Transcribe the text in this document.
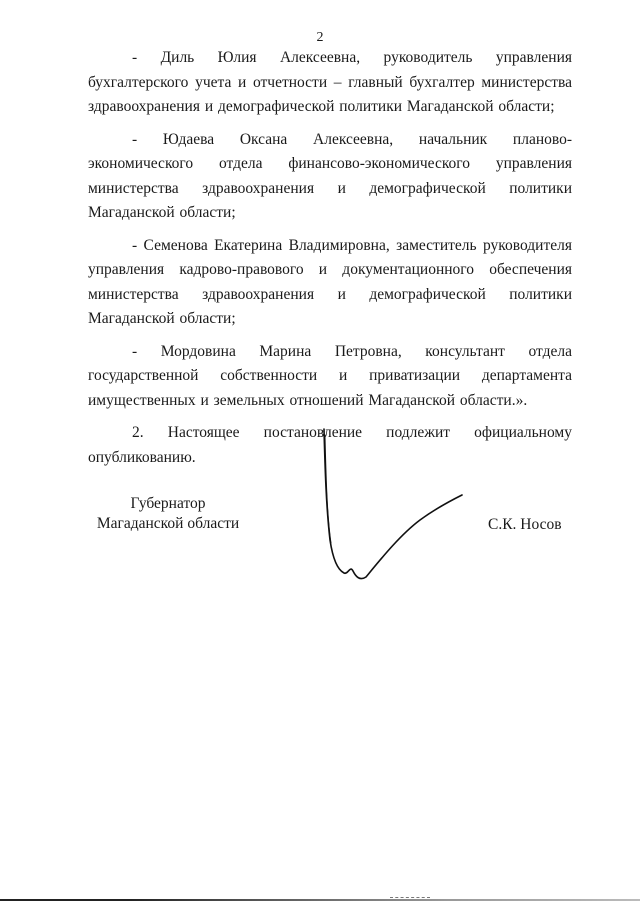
2

- Диль Юлия Алексеевна, руководитель управления бухгалтерского учета и отчетности – главный бухгалтер министерства здравоохранения и демографической политики Магаданской области;

- Юдаева Оксана Алексеевна, начальник планово-экономического отдела финансово-экономического управления министерства здравоохранения и демографической политики Магаданской области;

- Семенова Екатерина Владимировна, заместитель руководителя управления кадрово-правового и документационного обеспечения министерства здравоохранения и демографической политики Магаданской области;

- Мордовина Марина Петровна, консультант отдела государственной собственности и приватизации департамента имущественных и земельных отношений Магаданской области.».

2. Настоящее постановление подлежит официальному опубликованию.

Губернатор
Магаданской области	С.К. Носов
